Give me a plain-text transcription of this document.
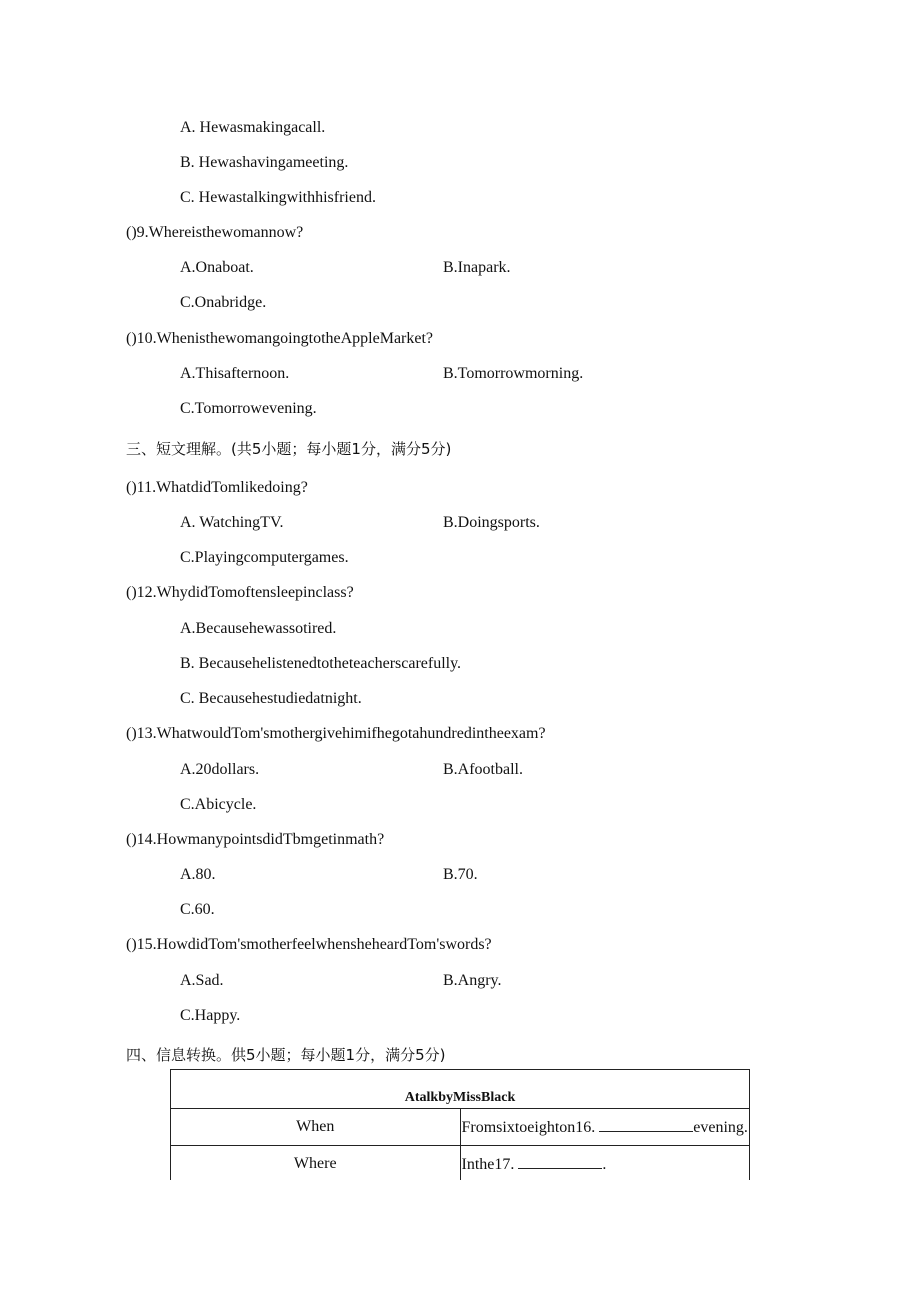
A. Hewasmakingacall.
B. Hewashavingameeting.
C. Hewastalkingwithhisfriend.
()9.Whereisthewomannow?
A.Onaboat.	B.Inapark.
C.Onabridge.
()10.WhenisthewomangoingtotheAppleMarket?
A.Thisafternoon.	B.Tomorrowmorning.
C.Tomorrowevening.
三、短文理解。(共5小题；每小题1分，满分5分)
()11.WhatdidTomlikedoing?
A. WatchingTV.	B.Doingsports.
C.Playingcomputergames.
()12.WhydidTomoftensleepinclass?
A.Becausehewassotired.
B. Becausehelistenedtotheteacherscarefully.
C. Becausehestudiedatnight.
()13.WhatwouldTom'smothergivehimifhegotahundredintheexam?
A.20dollars.	B.Afootball.
C.Abicycle.
()14.HowmanypointsdidTbmgetinmath?
A.80.	B.70.
C.60.
()15.HowdidTom'smotherfeelwhensheheardTom'swords?
A.Sad.	B.Angry.
C.Happy.
四、信息转换。供5小题；每小题1分，满分5分)
AtalkbyMissBlack	
When	Fromsixtoeighton16. evening.
Where	Inthe17. .
